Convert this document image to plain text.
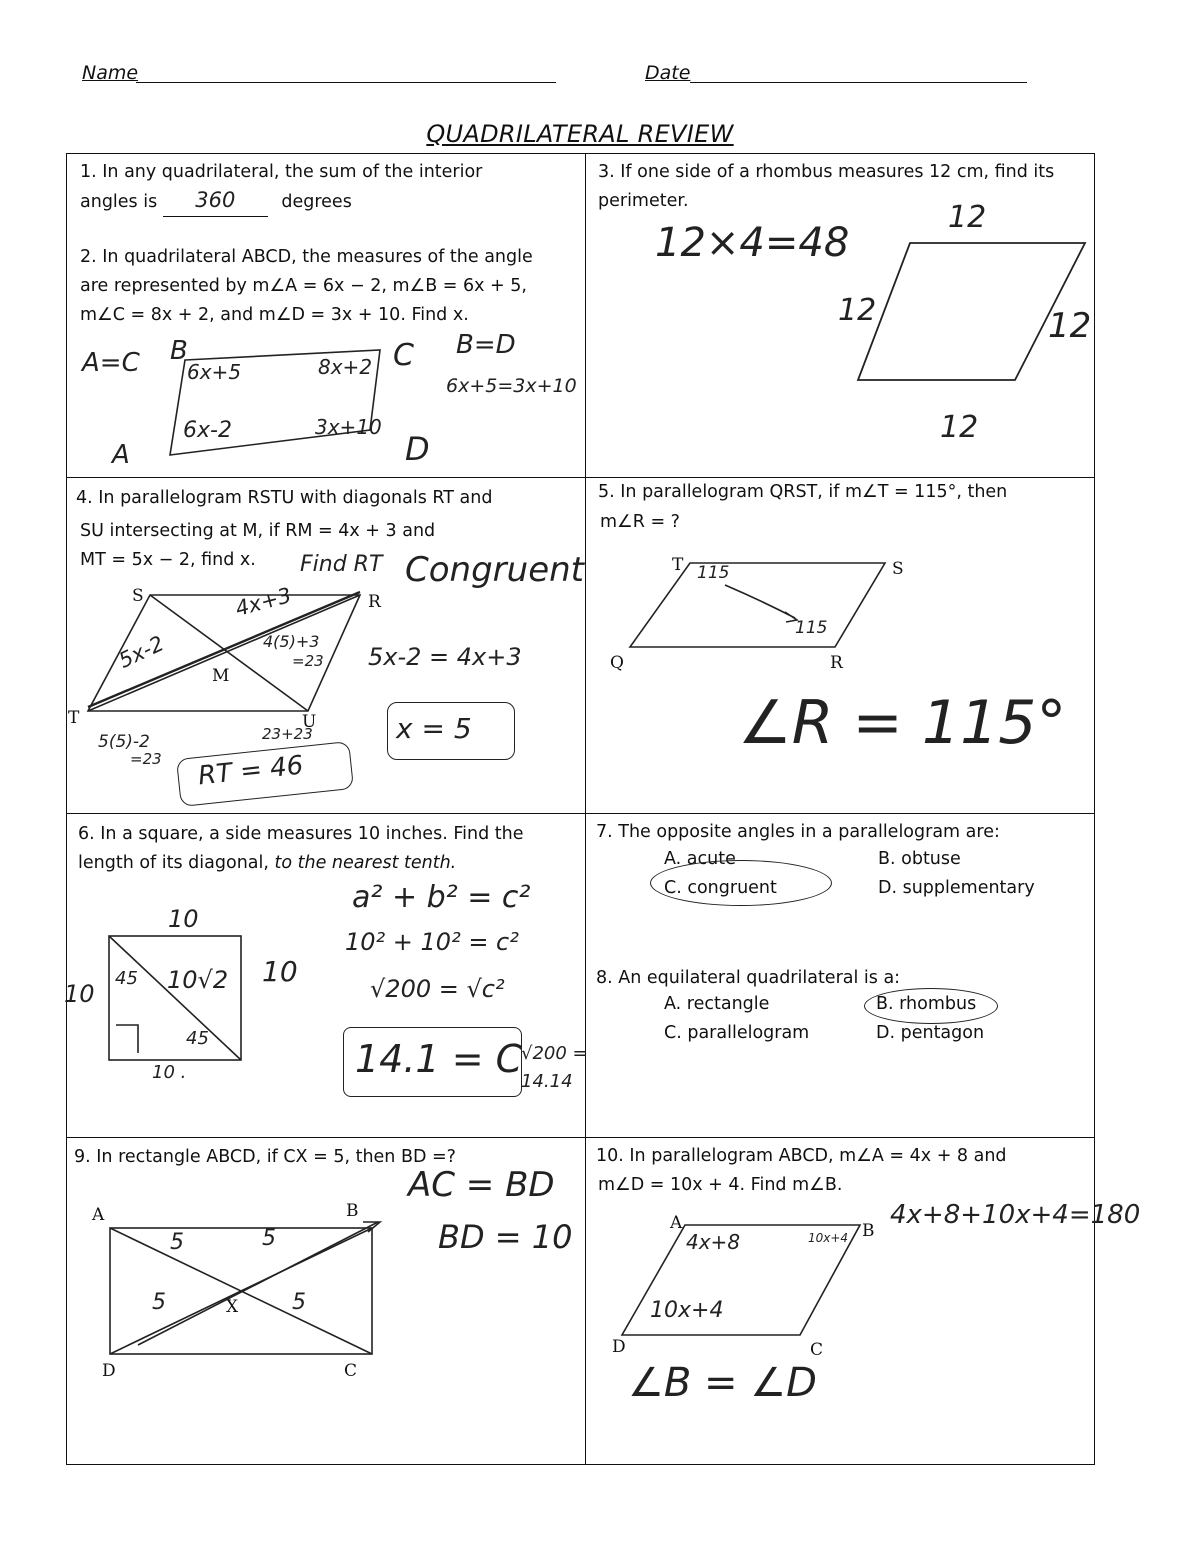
Name	Date
QUADRILATERAL REVIEW
1. In any quadrilateral, the sum of the interior
angles is 360	degrees
2. In quadrilateral ABCD, the measures of the angle
are represented by m∠A = 6x − 2, m∠B = 6x + 5,
m∠C = 8x + 2, and m∠D = 3x + 10. Find x.
A=C B	C
A	D
6x+5	8x+2
6x-2	3x+10
B=D
6x+5=3x+10
3. If one side of a rhombus measures 12 cm, find its
perimeter.
12×4=48
12
12	12
12
4. In parallelogram RSTU with diagonals RT and
SU intersecting at M, if RM = 4x + 3 and
MT = 5x − 2, find x.
S	R
T	U
M
4x+3
5x-2	4(5)+3
=23
5(5)-2
=23
23+23
Find RT Congruent
5x-2 = 4x+3
x = 5
RT = 46
5. In parallelogram QRST, if m∠T = 115°, then
m∠R = ?
T	S
Q	R
115
115
∠R = 115°
6. In a square, a side measures 10 inches. Find the
length of its diagonal, to the nearest tenth.
10
10 .
10
10
45 10√2
45
a² + b² = c²
10² + 10² = c²
√200 = √c²
14.1 = C
√200 = 14.14
7. The opposite angles in a parallelogram are:
A. acute	B. obtuse
C. congruent	D. supplementary
8. An equilateral quadrilateral is a:
A. rectangle	B. rhombus
C. parallelogram	D. pentagon
9. In rectangle ABCD, if CX = 5, then BD =?
A	B
D	C
X
5	5
5	5
AC = BD
BD = 10
10. In parallelogram ABCD, m∠A = 4x + 8 and
m∠D = 10x + 4. Find m∠B.
A	B
D	C
4x+8	10x+4
10x+4
4x+8+10x+4=180
∠B = ∠D
